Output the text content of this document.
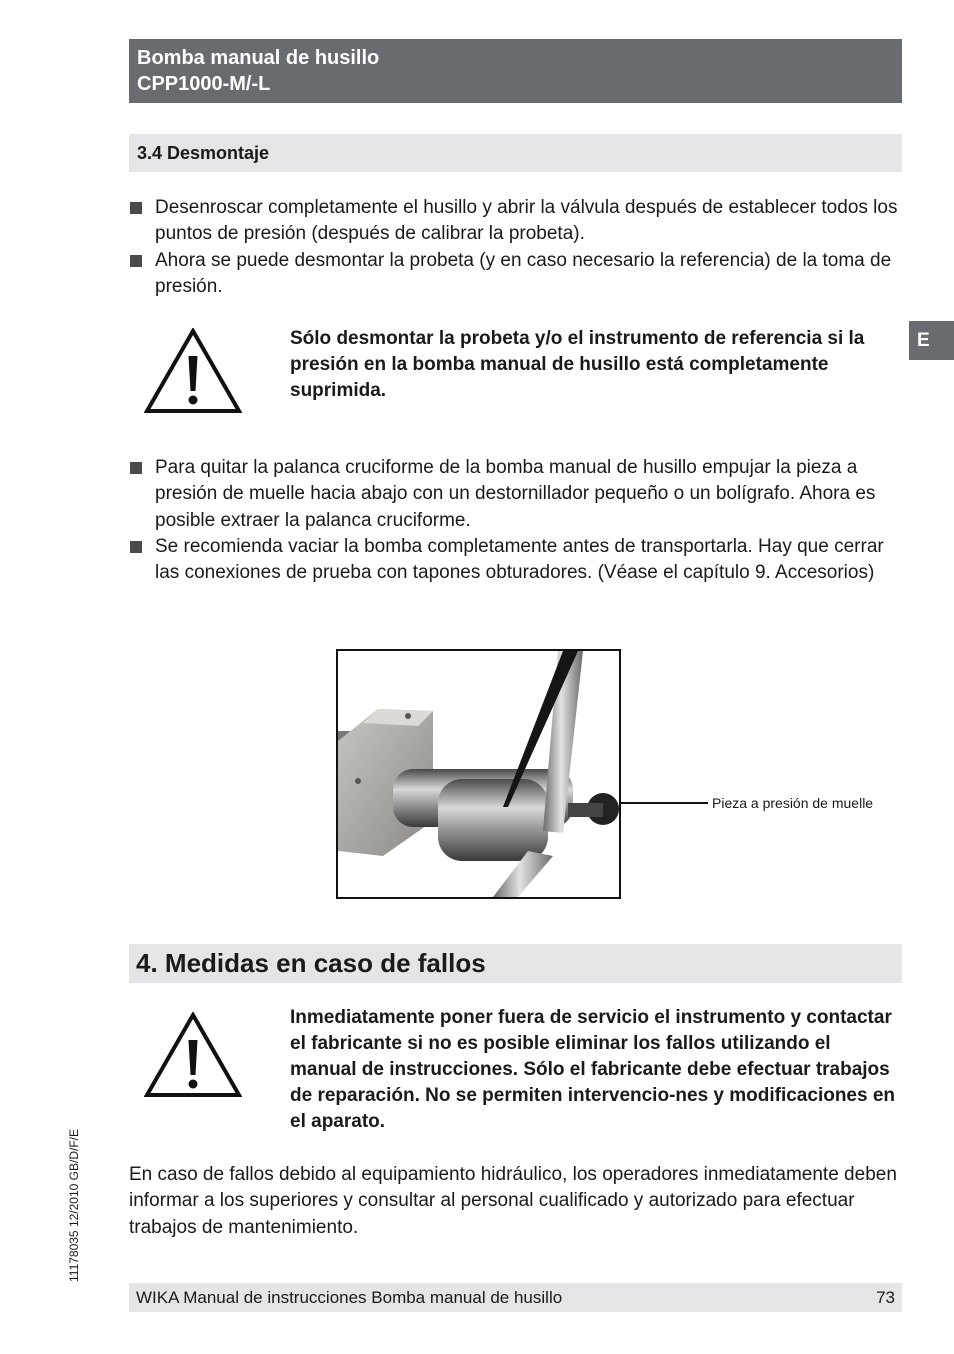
Bomba manual de husillo
CPP1000-M/-L
3.4 Desmontaje
Desenroscar completamente el husillo y abrir la válvula después de establecer todos los puntos de presión (después de calibrar la probeta).
Ahora se puede desmontar la probeta (y en caso necesario la referencia) de la toma de presión.
Sólo desmontar la probeta y/o el instrumento de referencia si la presión en la bomba manual de husillo está completamente suprimida.
E
Para quitar la palanca cruciforme de la bomba manual de husillo empujar la pieza a presión de muelle hacia abajo con un destornillador pequeño o un bolígrafo. Ahora es posible extraer la palanca cruciforme.
Se recomienda vaciar la bomba completamente antes de transportarla. Hay que cerrar las conexiones de prueba con tapones obturadores. (Véase el capítulo 9. Accesorios)
Pieza a presión de muelle
4. Medidas en caso de fallos
Inmediatamente poner fuera de servicio el instrumento y contactar el fabricante si no es posible eliminar los fallos utilizando el manual de instrucciones. Sólo el fabricante debe efectuar trabajos de reparación. No se permiten intervencio-nes y modificaciones en el aparato.
En caso de fallos debido al equipamiento hidráulico, los operadores inmediatamente deben informar a los superiores y consultar al personal cualificado y autorizado para efectuar trabajos de mantenimiento.
11178035 12/2010 GB/D/F/E
WIKA Manual de instrucciones Bomba manual de husillo	73
